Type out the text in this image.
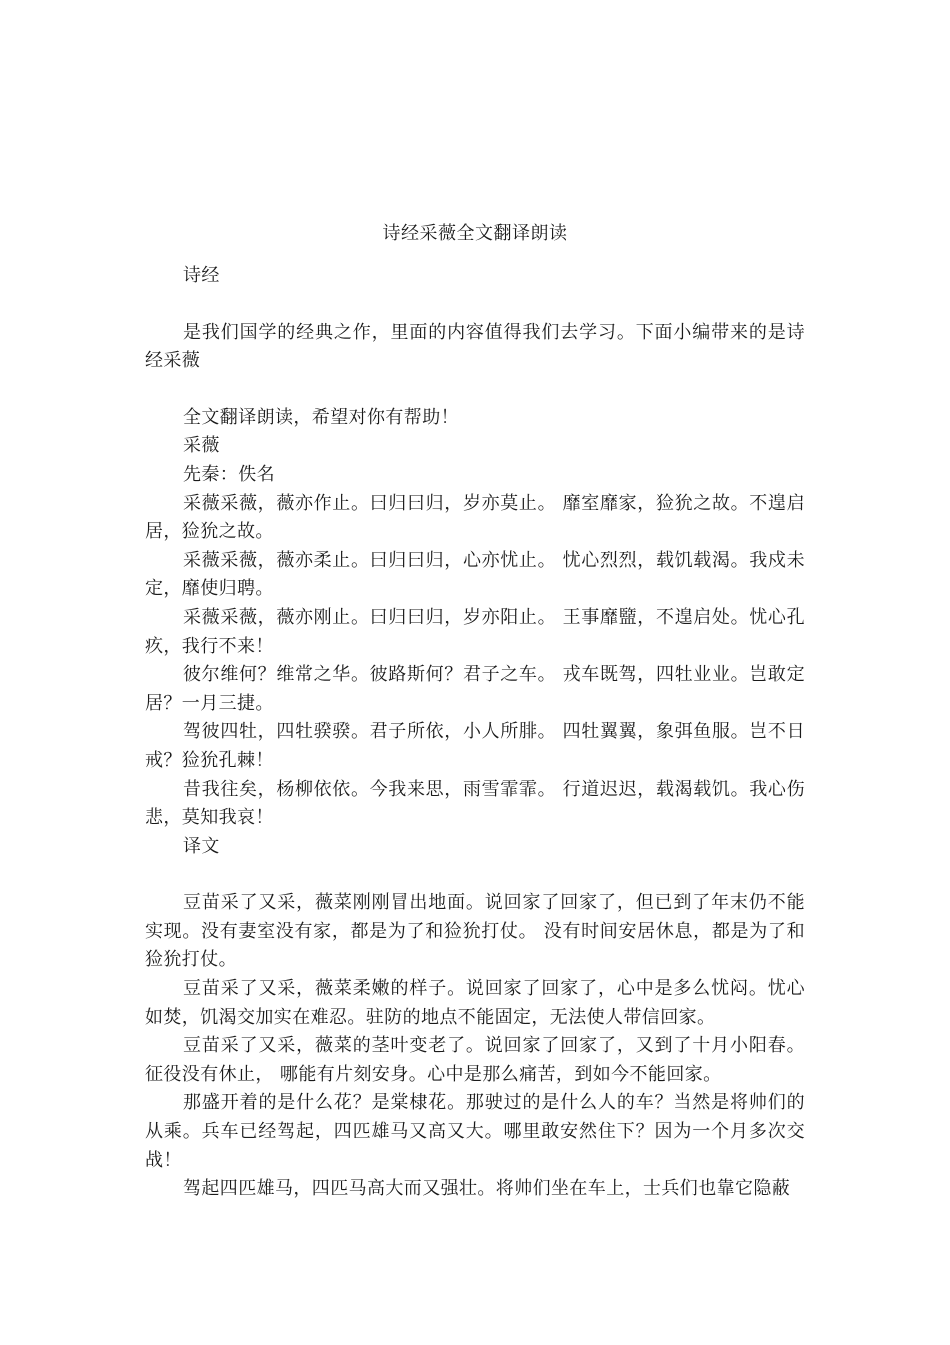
诗经采薇全文翻译朗读

诗经

是我们国学的经典之作，里面的内容值得我们去学习。下面小编带来的是诗经采薇

全文翻译朗读，希望对你有帮助！

采薇

先秦：佚名

采薇采薇，薇亦作止。曰归曰归，岁亦莫止。 靡室靡家，猃狁之故。不遑启居，猃狁之故。

采薇采薇，薇亦柔止。曰归曰归，心亦忧止。 忧心烈烈，载饥载渴。我戍未定，靡使归聘。

采薇采薇，薇亦刚止。曰归曰归，岁亦阳止。 王事靡盬，不遑启处。忧心孔疚，我行不来！

彼尔维何？维常之华。彼路斯何？君子之车。 戎车既驾，四牡业业。岂敢定居？一月三捷。

驾彼四牡，四牡骙骙。君子所依，小人所腓。 四牡翼翼，象弭鱼服。岂不日戒？猃狁孔棘！

昔我往矣，杨柳依依。今我来思，雨雪霏霏。 行道迟迟，载渴载饥。我心伤悲，莫知我哀！

译文

豆苗采了又采，薇菜刚刚冒出地面。说回家了回家了，但已到了年末仍不能实现。没有妻室没有家，都是为了和猃狁打仗。 没有时间安居休息，都是为了和猃狁打仗。

豆苗采了又采，薇菜柔嫩的样子。说回家了回家了，心中是多么忧闷。忧心如焚，饥渴交加实在难忍。驻防的地点不能固定，无法使人带信回家。

豆苗采了又采，薇菜的茎叶变老了。说回家了回家了，又到了十月小阳春。征役没有休止， 哪能有片刻安身。心中是那么痛苦，到如今不能回家。

那盛开着的是什么花？是棠棣花。那驶过的是什么人的车？当然是将帅们的从乘。兵车已经驾起，四匹雄马又高又大。哪里敢安然住下？因为一个月多次交战！

驾起四匹雄马，四匹马高大而又强壮。将帅们坐在车上，士兵们也靠它隐蔽
